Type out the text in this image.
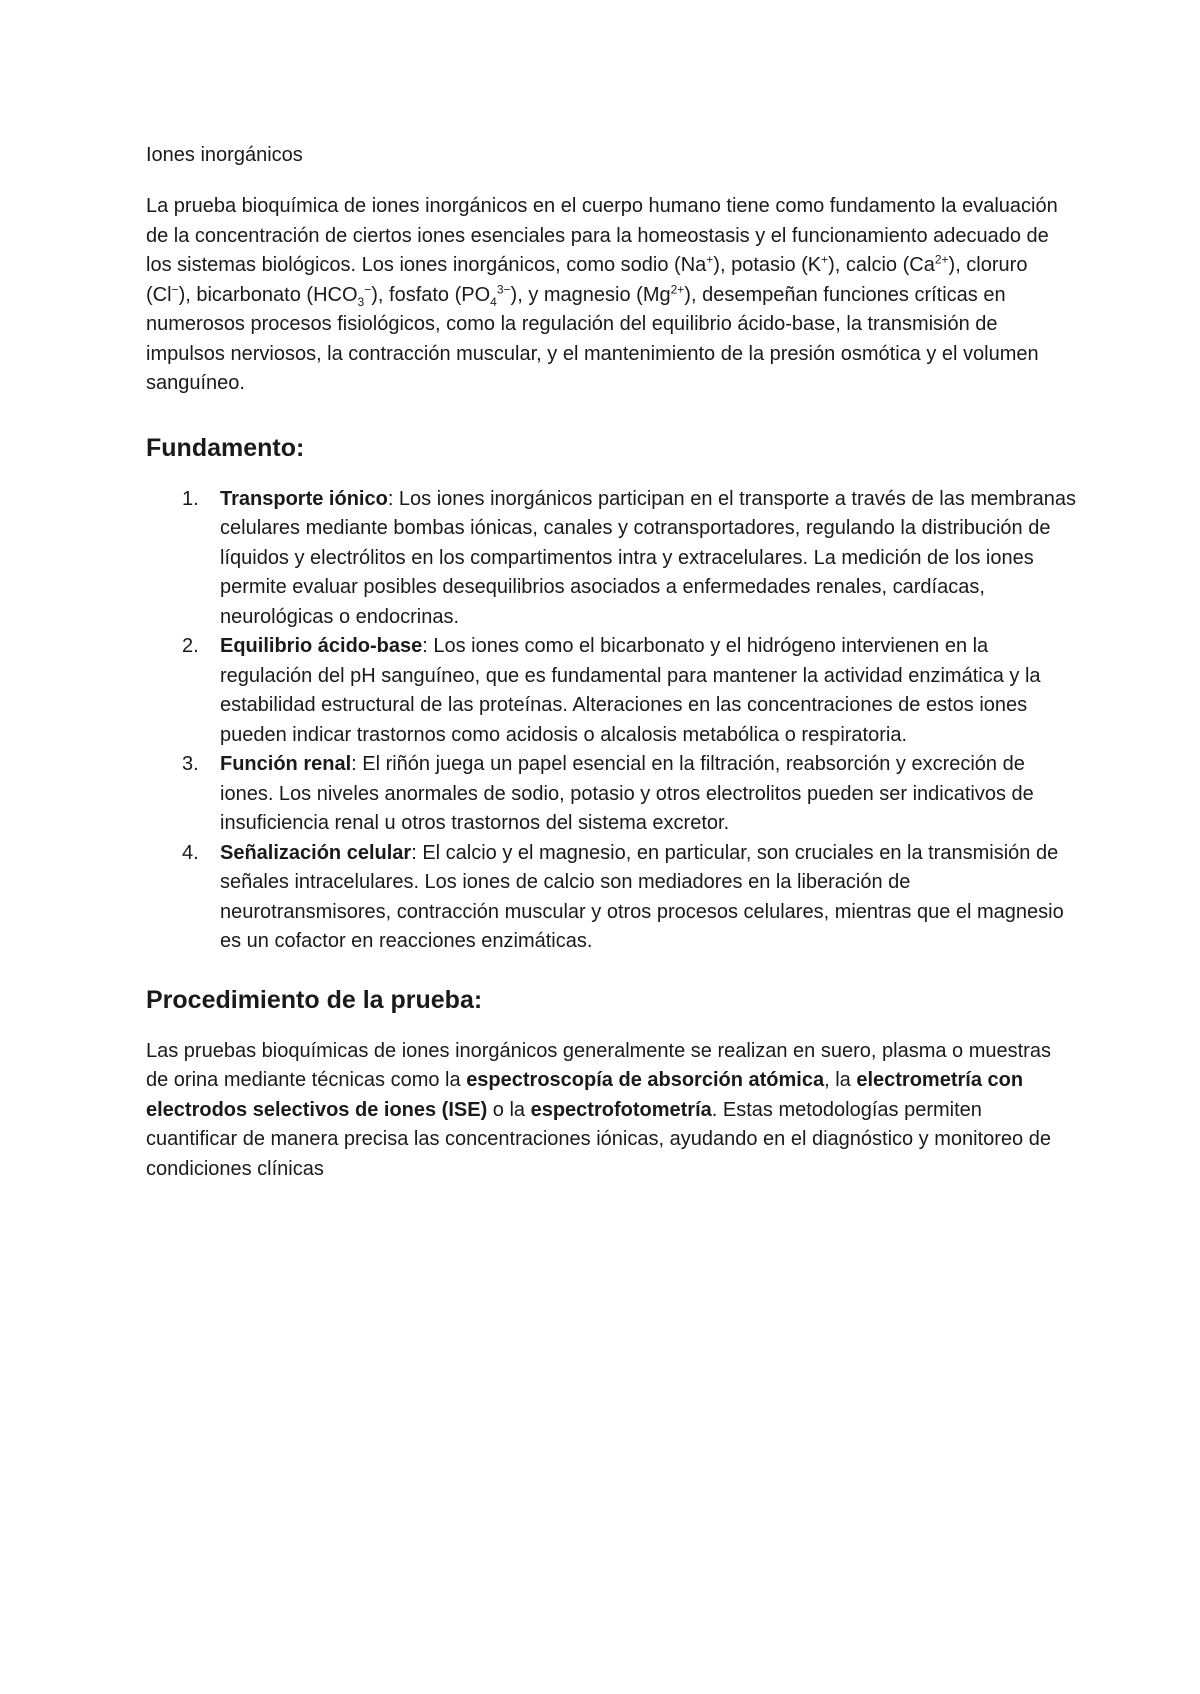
Iones inorgánicos

La prueba bioquímica de iones inorgánicos en el cuerpo humano tiene como fundamento la evaluación de la concentración de ciertos iones esenciales para la homeostasis y el funcionamiento adecuado de los sistemas biológicos. Los iones inorgánicos, como sodio (Na+), potasio (K+), calcio $(Ca^{2+})$, cloruro (Cl−), bicarbonato $(HCO_3^-)$, fosfato $(PO_4^{3-})$, y magnesio $(Mg^{2+})$, desempeñan funciones críticas en numerosos procesos fisiológicos, como la regulación del equilibrio ácido-base, la transmisión de impulsos nerviosos, la contracción muscular, y el mantenimiento de la presión osmótica y el volumen sanguíneo.

Fundamento:
1. Transporte iónico: Los iones inorgánicos participan en el transporte a través de las membranas celulares mediante bombas iónicas, canales y cotransportadores, regulando la distribución de líquidos y electrólitos en los compartimentos intra y extracelulares. La medición de los iones permite evaluar posibles desequilibrios asociados a enfermedades renales, cardíacas, neurológicas o endocrinas.
2. Equilibrio ácido-base: Los iones como el bicarbonato y el hidrógeno intervienen en la regulación del pH sanguíneo, que es fundamental para mantener la actividad enzimática y la estabilidad estructural de las proteínas. Alteraciones en las concentraciones de estos iones pueden indicar trastornos como acidosis o alcalosis metabólica o respiratoria.
3. Función renal: El riñón juega un papel esencial en la filtración, reabsorción y excreción de iones. Los niveles anormales de sodio, potasio y otros electrolitos pueden ser indicativos de insuficiencia renal u otros trastornos del sistema excretor.
4. Señalización celular: El calcio y el magnesio, en particular, son cruciales en la transmisión de señales intracelulares. Los iones de calcio son mediadores en la liberación de neurotransmisores, contracción muscular y otros procesos celulares, mientras que el magnesio es un cofactor en reacciones enzimáticas.
Procedimiento de la prueba:

Las pruebas bioquímicas de iones inorgánicos generalmente se realizan en suero, plasma o muestras de orina mediante técnicas como la espectroscopía de absorción atómica, la electrometría con electrodos selectivos de iones (ISE) o la espectrofotometría. Estas metodologías permiten cuantificar de manera precisa las concentraciones iónicas, ayudando en el diagnóstico y monitoreo de condiciones clínicas
